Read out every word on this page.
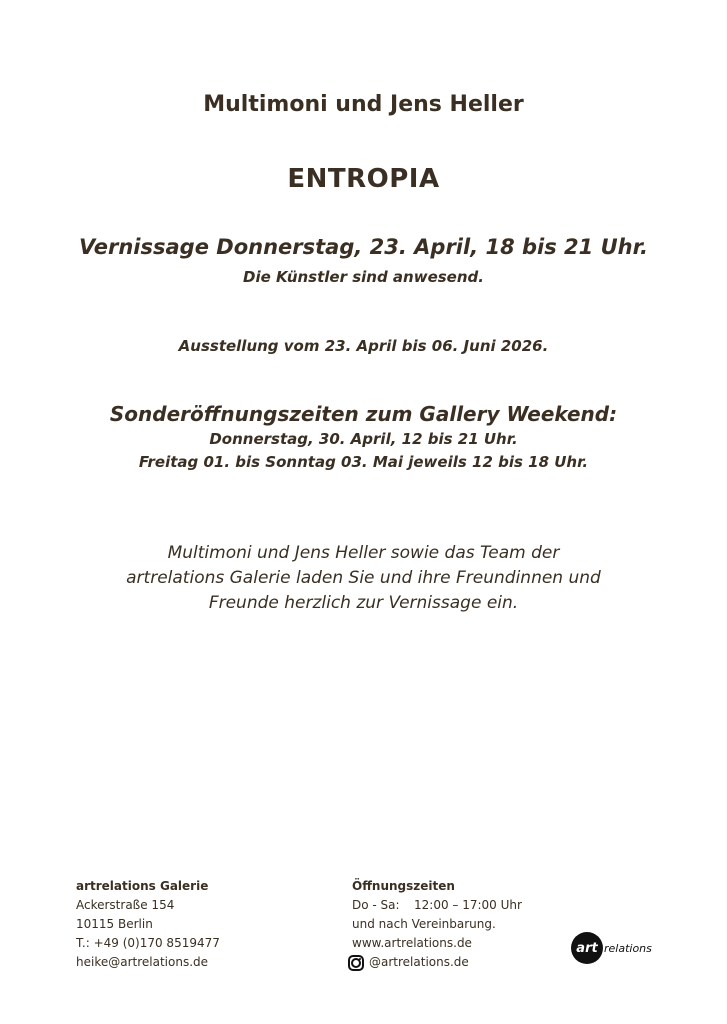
Multimoni und Jens Heller
ENTROPIA
Vernissage Donnerstag, 23. April, 18 bis 21 Uhr.
Die Künstler sind anwesend.
Ausstellung vom 23. April bis 06. Juni 2026.
Sonderöffnungszeiten zum Gallery Weekend:
Donnerstag, 30. April, 12 bis 21 Uhr.
Freitag 01. bis Sonntag 03. Mai jeweils 12 bis 18 Uhr.
Multimoni und Jens Heller sowie das Team der
artrelations Galerie laden Sie und ihre Freundinnen und
Freunde herzlich zur Vernissage ein.
artrelations Galerie
Ackerstraße 154
10115 Berlin
T.: +49 (0)170 8519477
heike@artrelations.de
Öffnungszeiten
Do - Sa: 12:00 – 17:00 Uhr
und nach Vereinbarung.
www.artrelations.de
@artrelations.de
art relations
